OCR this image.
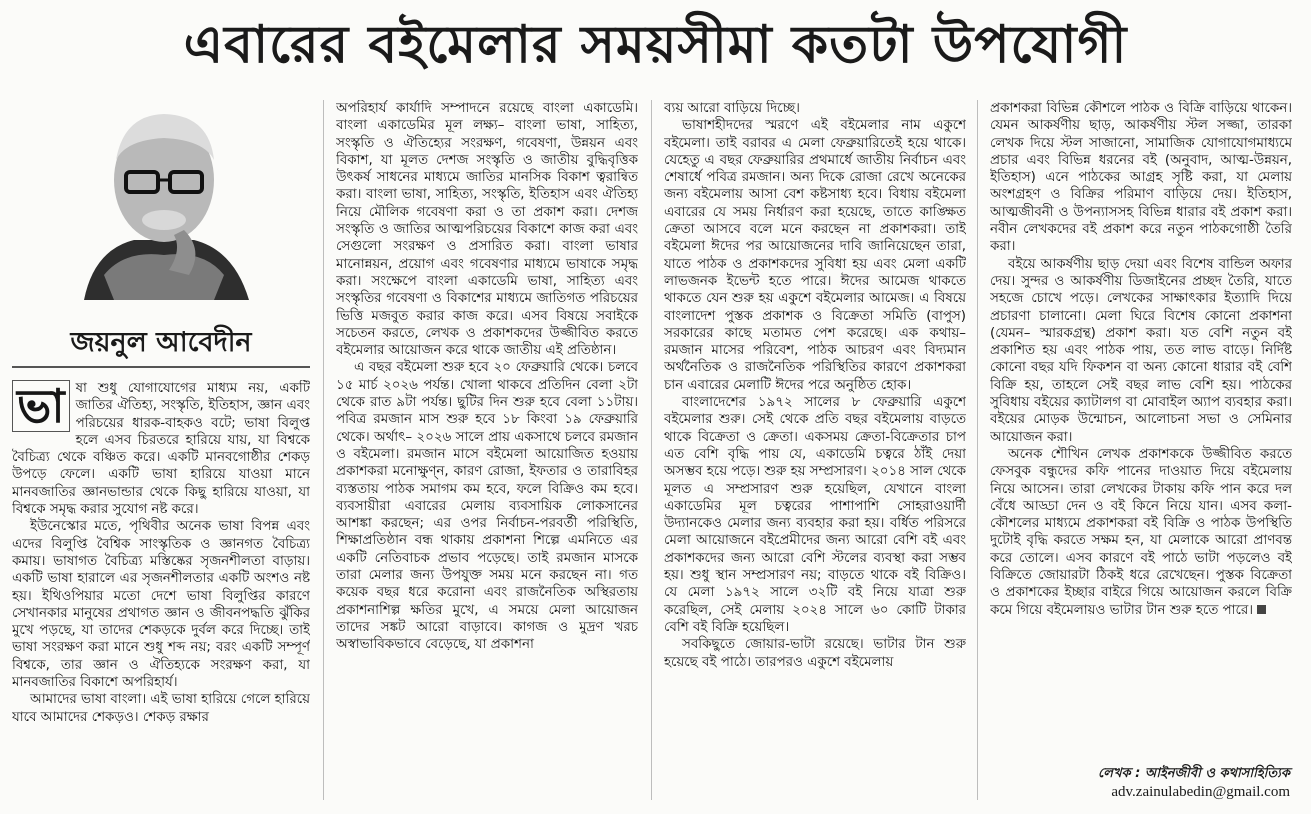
এবারের বইমেলার সময়সীমা কতটা উপযোগী
জয়নুল আবেদীন

ভা ষা শুধু যোগাযোগের মাধ্যম নয়, একটি জাতির ঐতিহ্য, সংস্কৃতি, ইতিহাস, জ্ঞান এবং পরিচয়ের ধারক-বাহকও বটে; ভাষা বিলুপ্ত হলে এসব চিরতরে হারিয়ে যায়, যা বিশ্বকে বৈচিত্র্য থেকে বঞ্চিত করে। একটি মানবগোষ্ঠীর শেকড় উপড়ে ফেলে। একটি ভাষা হারিয়ে যাওয়া মানে মানবজাতির জ্ঞানভান্ডার থেকে কিছু হারিয়ে যাওয়া, যা বিশ্বকে সমৃদ্ধ করার সুযোগ নষ্ট করে।

ইউনেস্কোর মতে, পৃথিবীর অনেক ভাষা বিপন্ন এবং এদের বিলুপ্তি বৈশ্বিক সাংস্কৃতিক ও জ্ঞানগত বৈচিত্র্য কমায়। ভাষাগত বৈচিত্র্য মস্তিষ্কের সৃজনশীলতা বাড়ায়। একটি ভাষা হারালে এর সৃজনশীলতার একটি অংশও নষ্ট হয়। ইথিওপিয়ার মতো দেশে ভাষা বিলুপ্তির কারণে সেখানকার মানুষের প্রথাগত জ্ঞান ও জীবনপদ্ধতি ঝুঁকির মুখে পড়ছে, যা তাদের শেকড়কে দুর্বল করে দিচ্ছে। তাই ভাষা সংরক্ষণ করা মানে শুধু শব্দ নয়; বরং একটি সম্পূর্ণ বিশ্বকে, তার জ্ঞান ও ঐতিহ্যকে সংরক্ষণ করা, যা মানবজাতির বিকাশে অপরিহার্য।

আমাদের ভাষা বাংলা। এই ভাষা হারিয়ে গেলে হারিয়ে যাবে আমাদের শেকড়ও। শেকড় রক্ষার

অপরিহার্য কার্যাদি সম্পাদনে রয়েছে বাংলা একাডেমি। বাংলা একাডেমির মূল লক্ষ্য– বাংলা ভাষা, সাহিত্য, সংস্কৃতি ও ঐতিহ্যের সংরক্ষণ, গবেষণা, উন্নয়ন এবং বিকাশ, যা মূলত দেশজ সংস্কৃতি ও জাতীয় বুদ্ধিবৃত্তিক উৎকর্ষ সাধনের মাধ্যমে জাতির মানসিক বিকাশ ত্বরান্বিত করা। বাংলা ভাষা, সাহিত্য, সংস্কৃতি, ইতিহাস এবং ঐতিহ্য নিয়ে মৌলিক গবেষণা করা ও তা প্রকাশ করা। দেশজ সংস্কৃতি ও জাতির আত্মপরিচয়ের বিকাশে কাজ করা এবং সেগুলো সংরক্ষণ ও প্রসারিত করা। বাংলা ভাষার মানোন্নয়ন, প্রয়োগ এবং গবেষণার মাধ্যমে ভাষাকে সমৃদ্ধ করা। সংক্ষেপে বাংলা একাডেমি ভাষা, সাহিত্য এবং সংস্কৃতির গবেষণা ও বিকাশের মাধ্যমে জাতিগত পরিচয়ের ভিত্তি মজবুত করার কাজ করে। এসব বিষয়ে সবাইকে সচেতন করতে, লেখক ও প্রকাশকদের উজ্জীবিত করতে বইমেলার আয়োজন করে থাকে জাতীয় এই প্রতিষ্ঠান।

এ বছর বইমেলা শুরু হবে ২০ ফেব্রুয়ারি থেকে। চলবে ১৫ মার্চ ২০২৬ পর্যন্ত। খোলা থাকবে প্রতিদিন বেলা ২টা থেকে রাত ৯টা পর্যন্ত। ছুটির দিন শুরু হবে বেলা ১১টায়। পবিত্র রমজান মাস শুরু হবে ১৮ কিংবা ১৯ ফেব্রুয়ারি থেকে। অর্থাৎ– ২০২৬ সালে প্রায় একসাথে চলবে রমজান ও বইমেলা। রমজান মাসে বইমেলা আয়োজিত হওয়ায় প্রকাশকরা মনোক্ষুণ্ন, কারণ রোজা, ইফতার ও তারাবিহর ব্যস্ততায় পাঠক সমাগম কম হবে, ফলে বিক্রিও কম হবে। ব্যবসায়ীরা এবারের মেলায় ব্যবসায়িক লোকসানের আশঙ্কা করছেন; এর ওপর নির্বাচন-পরবর্তী পরিস্থিতি, শিক্ষাপ্রতিষ্ঠান বন্ধ থাকায় প্রকাশনা শিল্পে এমনিতে এর একটি নেতিবাচক প্রভাব পড়েছে। তাই রমজান মাসকে তারা মেলার জন্য উপযুক্ত সময় মনে করছেন না। গত কয়েক বছর ধরে করোনা এবং রাজনৈতিক অস্থিরতায় প্রকাশনাশিল্প ক্ষতির মুখে, এ সময়ে মেলা আয়োজন তাদের সঙ্কট আরো বাড়াবে। কাগজ ও মুদ্রণ খরচ অস্বাভাবিকভাবে বেড়েছে, যা প্রকাশনা

ব্যয় আরো বাড়িয়ে দিচ্ছে।

ভাষাশহীদদের স্মরণে এই বইমেলার নাম একুশে বইমেলা। তাই বরাবর এ মেলা ফেব্রুয়ারিতেই হয়ে থাকে। যেহেতু এ বছর ফেব্রুয়ারির প্রথমার্ধে জাতীয় নির্বাচন এবং শেষার্ধে পবিত্র রমজান। অন্য দিকে রোজা রেখে অনেকের জন্য বইমেলায় আসা বেশ কষ্টসাধ্য হবে। বিধায় বইমেলা এবারের যে সময় নির্ধারণ করা হয়েছে, তাতে কাঙ্ক্ষিত ক্রেতা আসবে বলে মনে করছেন না প্রকাশকরা। তাই বইমেলা ঈদের পর আয়োজনের দাবি জানিয়েছেন তারা, যাতে পাঠক ও প্রকাশকদের সুবিধা হয় এবং মেলা একটি লাভজনক ইভেন্ট হতে পারে। ঈদের আমেজ থাকতে থাকতে যেন শুরু হয় একুশে বইমেলার আমেজ। এ বিষয়ে বাংলাদেশ পুস্তক প্রকাশক ও বিক্রেতা সমিতি (বাপুস) সরকারের কাছে মতামত পেশ করেছে। এক কথায়– রমজান মাসের পরিবেশ, পাঠক আচরণ এবং বিদ্যমান অর্থনৈতিক ও রাজনৈতিক পরিস্থিতির কারণে প্রকাশকরা চান এবারের মেলাটি ঈদের পরে অনুষ্ঠিত হোক।

বাংলাদেশের ১৯৭২ সালের ৮ ফেব্রুয়ারি একুশে বইমেলার শুরু। সেই থেকে প্রতি বছর বইমেলায় বাড়তে থাকে বিক্রেতা ও ক্রেতা। একসময় ক্রেতা-বিক্রেতার চাপ এত বেশি বৃদ্ধি পায় যে, একাডেমি চত্বরে ঠাঁই দেয়া অসম্ভব হয়ে পড়ে। শুরু হয় সম্প্রসারণ। ২০১৪ সাল থেকে মূলত এ সম্প্রসারণ শুরু হয়েছিল, যেখানে বাংলা একাডেমির মূল চত্বরের পাশাপাশি সোহরাওয়ার্দী উদ্যানকেও মেলার জন্য ব্যবহার করা হয়। বর্ধিত পরিসরে মেলা আয়োজনে বইপ্রেমীদের জন্য আরো বেশি বই এবং প্রকাশকদের জন্য আরো বেশি স্টলের ব্যবস্থা করা সম্ভব হয়। শুধু স্থান সম্প্রসারণ নয়; বাড়তে থাকে বই বিক্রিও। যে মেলা ১৯৭২ সালে ৩২টি বই নিয়ে যাত্রা শুরু করেছিল, সেই মেলায় ২০২৪ সালে ৬০ কোটি টাকার বেশি বই বিক্রি হয়েছিল।

সবকিছুতে জোয়ার-ভাটা রয়েছে। ভাটার টান শুরু হয়েছে বই পাঠে। তারপরও একুশে বইমেলায়

প্রকাশকরা বিভিন্ন কৌশলে পাঠক ও বিক্রি বাড়িয়ে থাকেন। যেমন আকর্ষণীয় ছাড়, আকর্ষণীয় স্টল সজ্জা, তারকা লেখক দিয়ে স্টল সাজানো, সামাজিক যোগাযোগমাধ্যমে প্রচার এবং বিভিন্ন ধরনের বই (অনুবাদ, আত্ম-উন্নয়ন, ইতিহাস) এনে পাঠকের আগ্রহ সৃষ্টি করা, যা মেলায় অংশগ্রহণ ও বিক্রির পরিমাণ বাড়িয়ে দেয়। ইতিহাস, আত্মজীবনী ও উপন্যাসসহ বিভিন্ন ধারার বই প্রকাশ করা। নবীন লেখকদের বই প্রকাশ করে নতুন পাঠকগোষ্ঠী তৈরি করা।

বইয়ে আকর্ষণীয় ছাড় দেয়া এবং বিশেষ বান্ডিল অফার দেয়। সুন্দর ও আকর্ষণীয় ডিজাইনের প্রচ্ছদ তৈরি, যাতে সহজে চোখে পড়ে। লেখকের সাক্ষাৎকার ইত্যাদি দিয়ে প্রচারণা চালানো। মেলা ঘিরে বিশেষ কোনো প্রকাশনা (যেমন– স্মারকগ্রন্থ) প্রকাশ করা। যত বেশি নতুন বই প্রকাশিত হয় এবং পাঠক পায়, তত লাভ বাড়ে। নির্দিষ্ট কোনো বছর যদি ফিকশন বা অন্য কোনো ধারার বই বেশি বিক্রি হয়, তাহলে সেই বছর লাভ বেশি হয়। পাঠকের সুবিধায় বইয়ের ক্যাটালগ বা মোবাইল অ্যাপ ব্যবহার করা। বইয়ের মোড়ক উন্মোচন, আলোচনা সভা ও সেমিনার আয়োজন করা।

অনেক শৌখিন লেখক প্রকাশককে উজ্জীবিত করতে ফেসবুক বন্ধুদের কফি পানের দাওয়াত দিয়ে বইমেলায় নিয়ে আসেন। তারা লেখকের টাকায় কফি পান করে দল বেঁধে আড্ডা দেন ও বই কিনে নিয়ে যান। এসব কলা-কৌশলের মাধ্যমে প্রকাশকরা বই বিক্রি ও পাঠক উপস্থিতি দুটোই বৃদ্ধি করতে সক্ষম হন, যা মেলাকে আরো প্রাণবন্ত করে তোলে। এসব কারণে বই পাঠে ভাটা পড়লেও বই বিক্রিতে জোয়ারটা ঠিকই ধরে রেখেছেন। পুস্তক বিক্রেতা ও প্রকাশকের ইচ্ছার বাইরে গিয়ে আয়োজন করলে বিক্রি কমে গিয়ে বইমেলায়ও ভাটার টান শুরু হতে পারে।

লেখক : আইনজীবী ও কথাসাহিত্যিক
adv.zainulabedin@gmail.com
